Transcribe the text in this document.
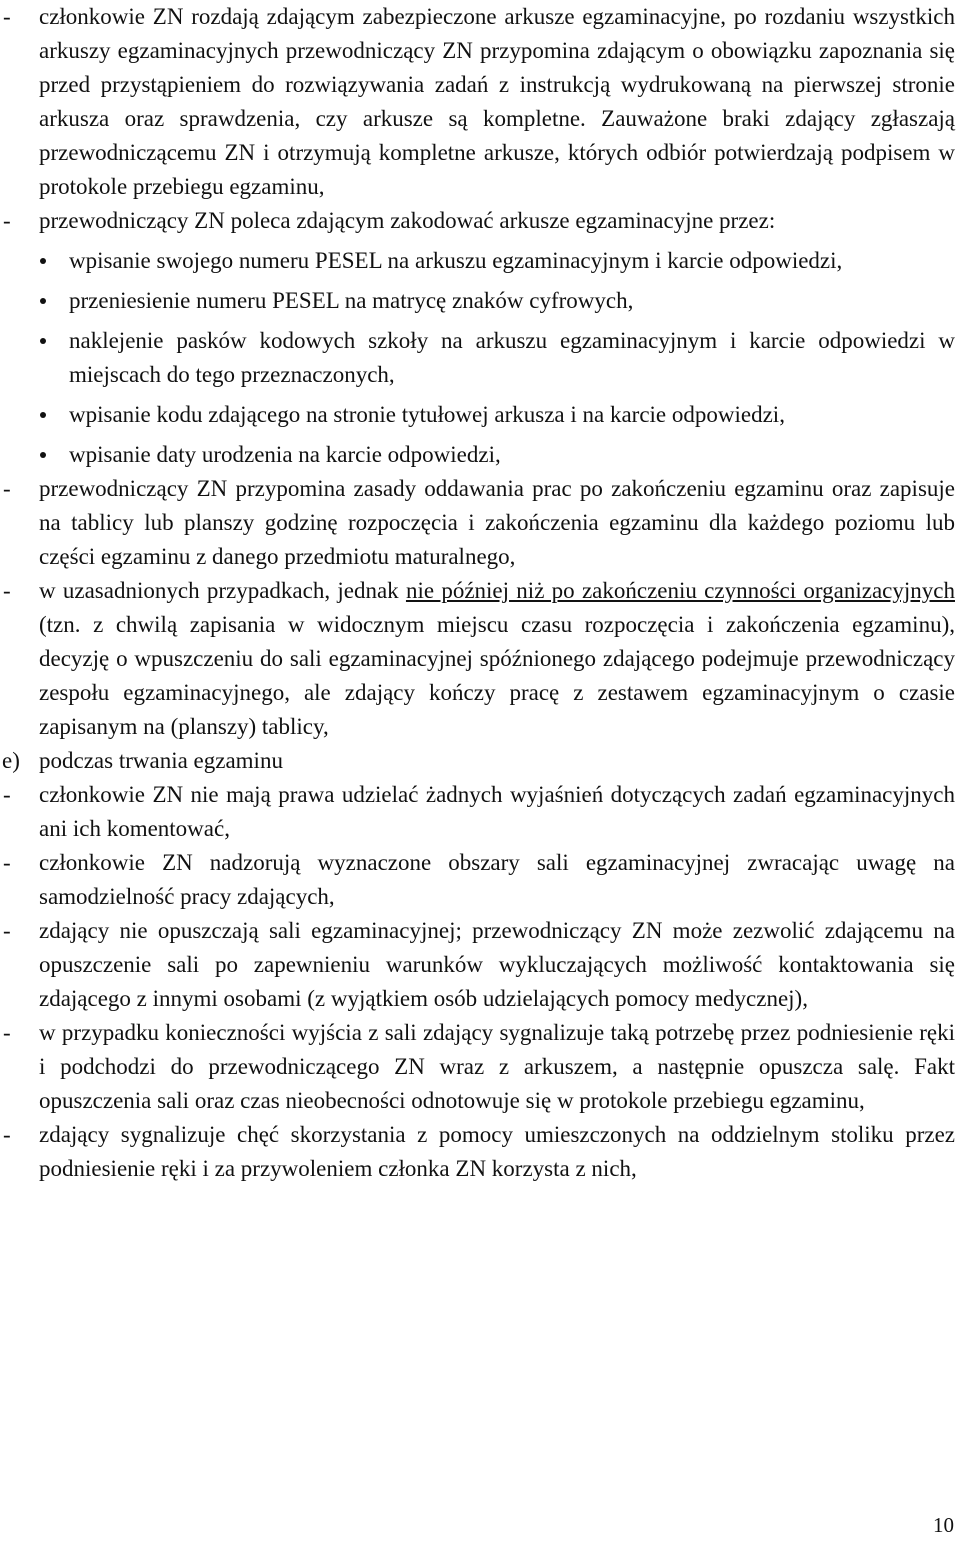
-	członkowie ZN rozdają zdającym zabezpieczone arkusze egzaminacyjne, po rozdaniu wszystkich arkuszy egzaminacyjnych przewodniczący ZN przypomina zdającym o obowiązku zapoznania się przed przystąpieniem do rozwiązywania zadań z instrukcją wydrukowaną na pierwszej stronie arkusza oraz sprawdzenia, czy arkusze są kompletne. Zauważone braki zdający zgłaszają przewodniczącemu ZN i otrzymują kompletne arkusze, których odbiór potwierdzają podpisem w protokole przebiegu egzaminu,

-	przewodniczący ZN poleca zdającym zakodować arkusze egzaminacyjne przez:

wpisanie swojego numeru PESEL na arkuszu egzaminacyjnym i karcie odpowiedzi,

przeniesienie numeru PESEL na matrycę znaków cyfrowych,

naklejenie pasków kodowych szkoły na arkuszu egzaminacyjnym i karcie odpowiedzi w miejscach do tego przeznaczonych,

wpisanie kodu zdającego na stronie tytułowej arkusza i na karcie odpowiedzi,

wpisanie daty urodzenia na karcie odpowiedzi,

-	przewodniczący ZN przypomina zasady oddawania prac po zakończeniu egzaminu oraz zapisuje na tablicy lub planszy godzinę rozpoczęcia i zakończenia egzaminu dla każdego poziomu lub części egzaminu z danego przedmiotu maturalnego,

-	w uzasadnionych przypadkach, jednak nie później niż po zakończeniu czynności organizacyjnych (tzn. z chwilą zapisania w widocznym miejscu czasu rozpoczęcia i zakończenia egzaminu), decyzję o wpuszczeniu do sali egzaminacyjnej spóźnionego zdającego podejmuje przewodniczący zespołu egzaminacyjnego, ale zdający kończy pracę z zestawem egzaminacyjnym o czasie zapisanym na (planszy) tablicy,

e) podczas trwania egzaminu

-	członkowie ZN nie mają prawa udzielać żadnych wyjaśnień dotyczących zadań egzaminacyjnych ani ich komentować,

-	członkowie ZN nadzorują wyznaczone obszary sali egzaminacyjnej zwracając uwagę na samodzielność pracy zdających,

-	zdający nie opuszczają sali egzaminacyjnej; przewodniczący ZN może zezwolić zdającemu na opuszczenie sali po zapewnieniu warunków wykluczających możliwość kontaktowania się zdającego z innymi osobami (z wyjątkiem osób udzielających pomocy medycznej),

-	w przypadku konieczności wyjścia z sali zdający sygnalizuje taką potrzebę przez podniesienie ręki i podchodzi do przewodniczącego ZN wraz z arkuszem, a następnie opuszcza salę. Fakt opuszczenia sali oraz czas nieobecności odnotowuje się w protokole przebiegu egzaminu,

-	zdający sygnalizuje chęć skorzystania z pomocy umieszczonych na oddzielnym stoliku przez podniesienie ręki i za przywoleniem członka ZN korzysta z nich,

10
